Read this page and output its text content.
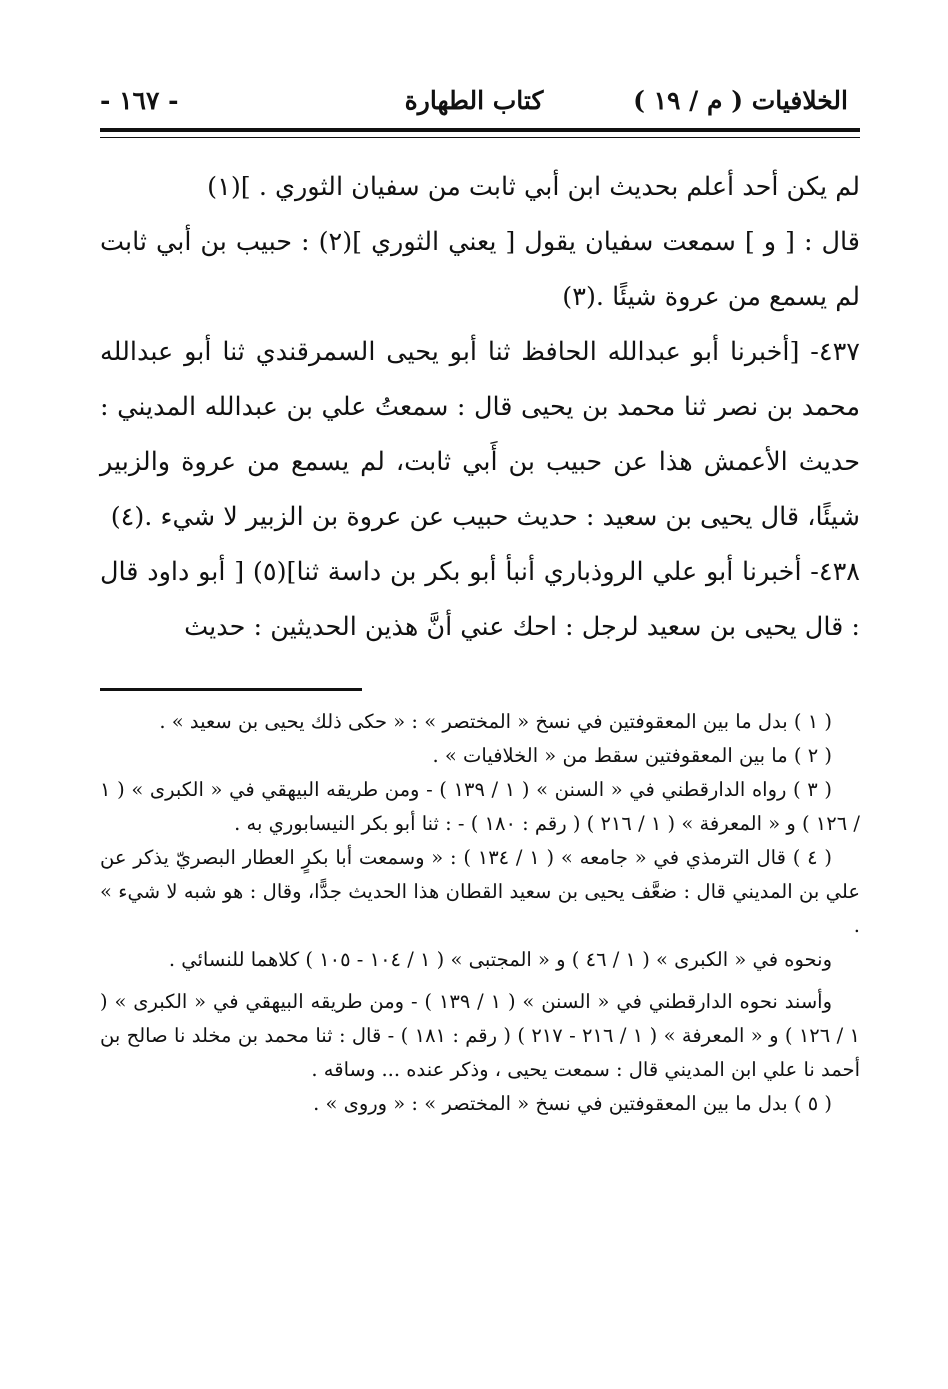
الخلافيات ( م / ١٩ )
كتاب الطهارة
- ١٦٧ -

لم يكن أحد أعلم بحديث ابن أبي ثابت من سفيان الثوري . ](١)

قال : [ و ] سمعت سفيان يقول [ يعني الثوري ](٢) : حبيب بن أبي ثابت لم يسمع من عروة شيئًا .(٣)

٤٣٧- [أخبرنا أبو عبدالله الحافظ ثنا أبو يحيى السمرقندي ثنا أبو عبدالله محمد بن نصر ثنا محمد بن يحيى قال : سمعتُ علي بن عبدالله المديني : حديث الأعمش هذا عن حبيب بن أَبي ثابت، لم يسمع من عروة والزبير شيئًا، قال يحيى بن سعيد : حديث حبيب عن عروة بن الزبير لا شيء .(٤)

٤٣٨- أخبرنا أبو علي الروذباري أنبأ أبو بكر بن داسة ثنا](٥) [ أبو داود قال : قال يحيى بن سعيد لرجل : احك عني أنَّ هذين الحديثين : حديث

( ١ ) بدل ما بين المعقوفتين في نسخ « المختصر » : « حكى ذلك يحيى بن سعيد » .

( ٢ ) ما بين المعقوفتين سقط من « الخلافيات » .

( ٣ ) رواه الدارقطني في « السنن » ( ١ / ١٣٩ ) - ومن طريقه البيهقي في « الكبرى » ( ١ / ١٢٦ ) و « المعرفة » ( ١ / ٢١٦ ) ( رقم : ١٨٠ ) - : ثنا أبو بكر النيسابوري به .

( ٤ ) قال الترمذي في « جامعه » ( ١ / ١٣٤ ) : « وسمعت أبا بكرٍ العطار البصريّ يذكر عن علي بن المديني قال : ضعَّف يحيى بن سعيد القطان هذا الحديث جدًّا، وقال : هو شبه لا شيء » .

ونحوه في « الكبرى » ( ١ / ٤٦ ) و « المجتبى » ( ١ / ١٠٤ - ١٠٥ ) كلاهما للنسائي .

وأسند نحوه الدارقطني في « السنن » ( ١ / ١٣٩ ) - ومن طريقه البيهقي في « الكبرى » ( ١ / ١٢٦ ) و « المعرفة » ( ١ / ٢١٦ - ٢١٧ ) ( رقم : ١٨١ ) - قال : ثنا محمد بن مخلد نا صالح بن أحمد نا علي ابن المديني قال : سمعت يحيى ، وذكر عنده ... وساقه .

( ٥ ) بدل ما بين المعقوفتين في نسخ « المختصر » : « وروى » .
